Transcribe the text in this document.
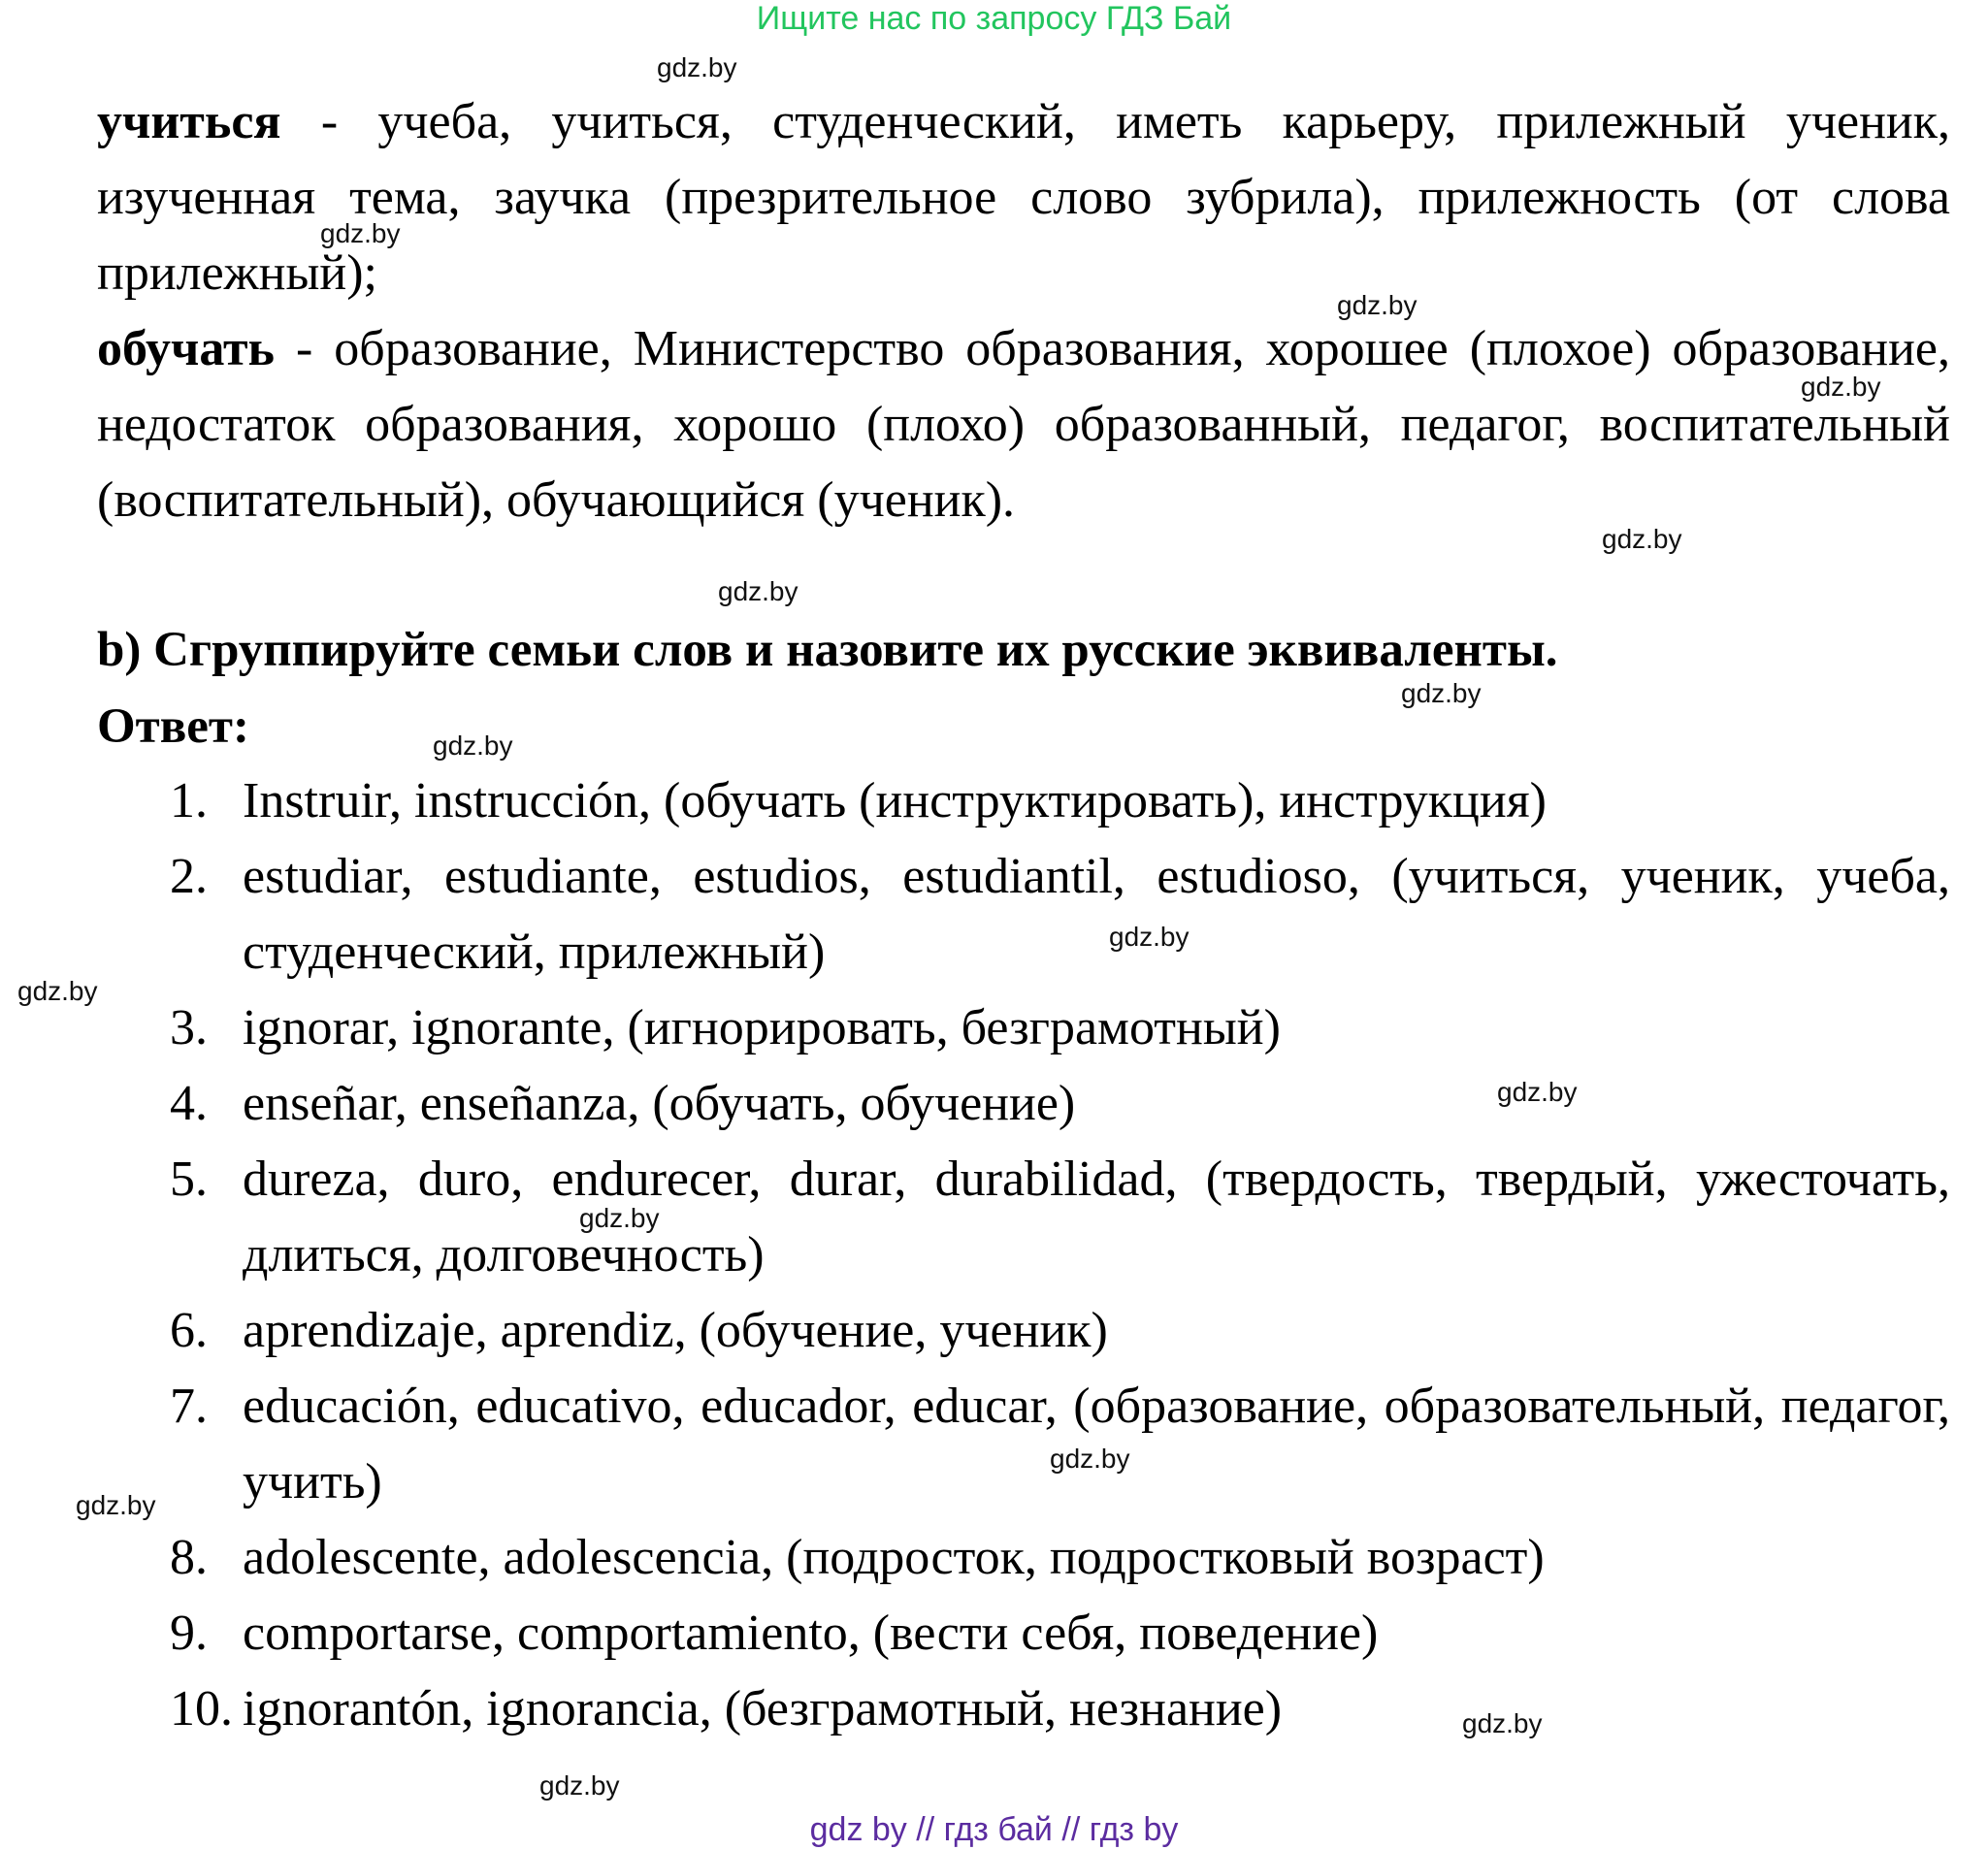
Ищите нас по запросу ГДЗ Бай
gdz.by
учиться - учеба, учиться, студенческий, иметь карьеру, прилежный ученик, изученная тема, заучка (презрительное слово зубрила), прилежность (от слова прилежный);
gdz.by
gdz.by
обучать - образование, Министерство образования, хорошее (плохое) образование, недостаток образования, хорошо (плохо) образованный, педагог, воспитательный (воспитательный), обучающийся (ученик).
gdz.by
gdz.by
gdz.by
b) Сгруппируйте семьи слов и назовите их русские эквиваленты.
gdz.by
Ответ:	gdz.by
1. Instruir, instrucción, (обучать (инструктировать), инструкция)
2. estudiar, estudiante, estudios, estudiantil, estudioso, (учиться, ученик, учеба, студенческий, прилежный)
3. ignorar, ignorante, (игнорировать, безграмотный)
4. enseñar, enseñanza, (обучать, обучение)
5. dureza, duro, endurecer, durar, durabilidad, (твердость, твердый, ужесточать, длиться, долговечность)
6. aprendizaje, aprendiz, (обучение, ученик)
7. educación, educativo, educador, educar, (образование, образовательный, педагог, учить)
8. adolescente, adolescencia, (подросток, подростковый возраст)
9. comportarse, comportamiento, (вести себя, поведение)
10. ignorantón, ignorancia, (безграмотный, незнание)
gdz.by
gdz.by
gdz.by
gdz.by
gdz.by
gdz.by
gdz.by
gdz.by
gdz by // гдз бай // гдз by
